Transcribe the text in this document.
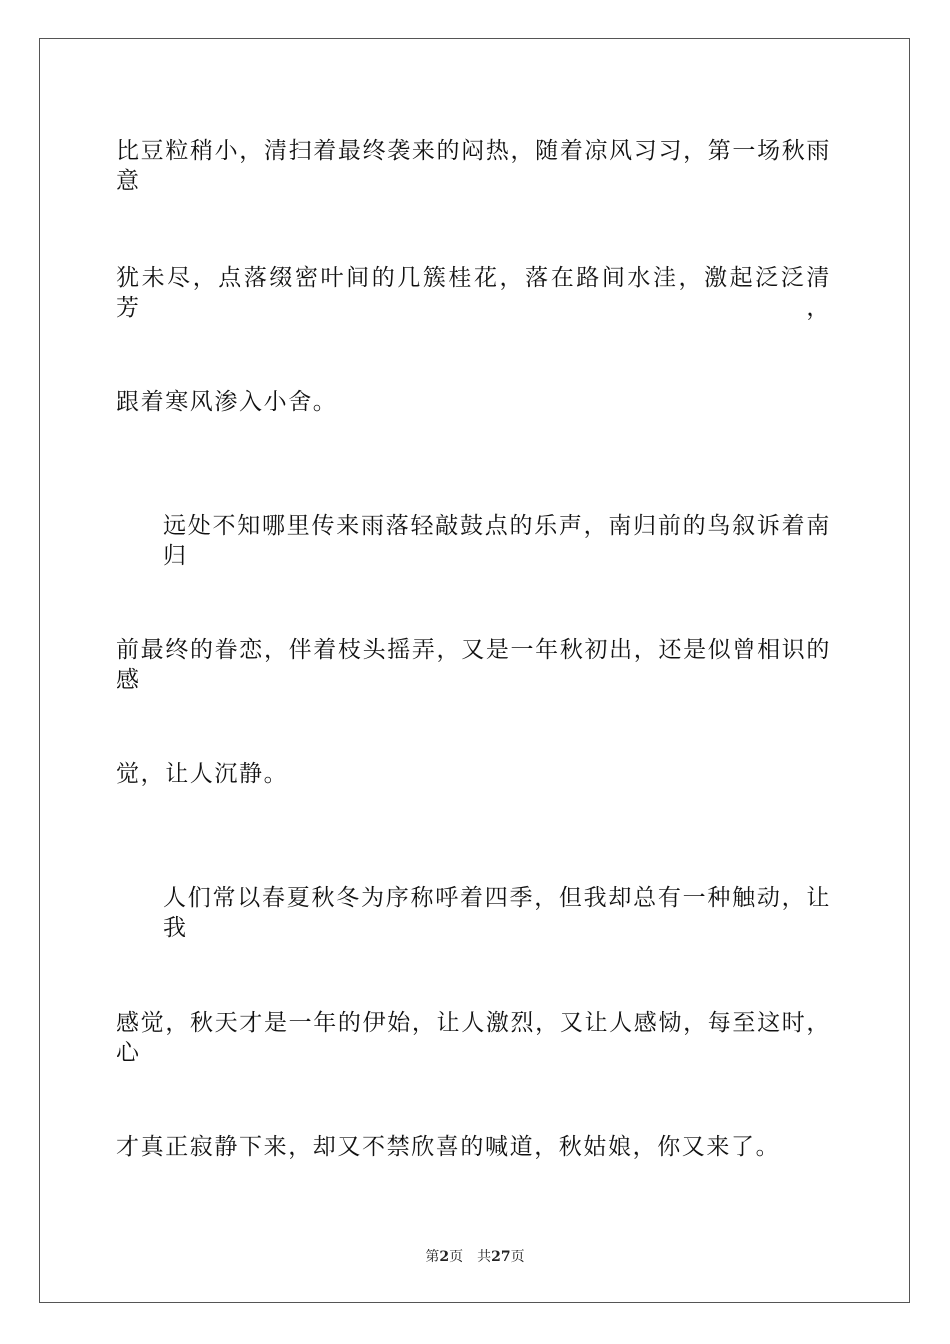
比豆粒稍小，清扫着最终袭来的闷热，随着凉风习习，第一场秋雨意
犹未尽，点落缀密叶间的几簇桂花，落在路间水洼，激起泛泛清芳，
跟着寒风渗入小舍。
远处不知哪里传来雨落轻敲鼓点的乐声，南归前的鸟叙诉着南归
前最终的眷恋，伴着枝头摇弄，又是一年秋初出，还是似曾相识的感
觉，让人沉静。
人们常以春夏秋冬为序称呼着四季，但我却总有一种触动，让我
感觉，秋天才是一年的伊始，让人激烈，又让人感恸，每至这时，心
才真正寂静下来，却又不禁欣喜的喊道，秋姑娘，你又来了。
第2页 共27页
